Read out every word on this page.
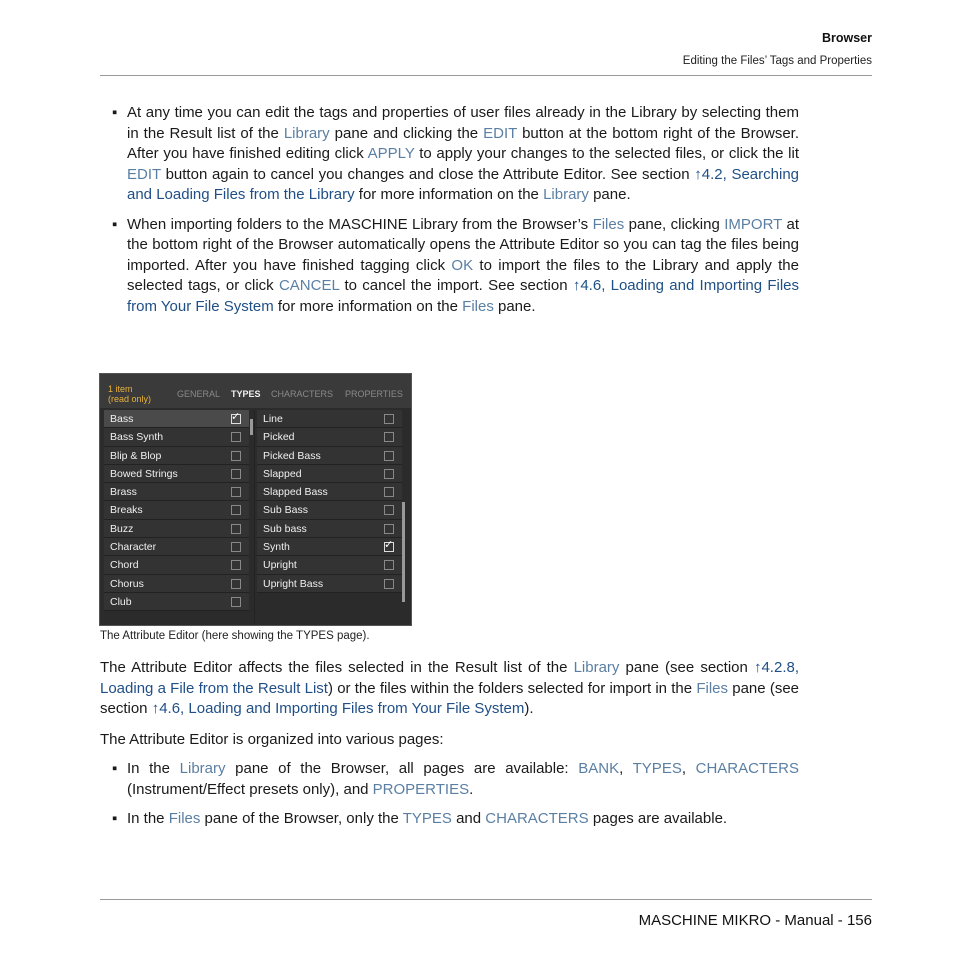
Browser
Editing the Files’ Tags and Properties
▪ At any time you can edit the tags and properties of user files already in the Library by selecting them in the Result list of the Library pane and clicking the EDIT button at the bottom right of the Browser. After you have finished editing click APPLY to apply your changes to the selected files, or click the lit EDIT button again to cancel you changes and close the Attribute Editor. See section ↑4.2, Searching and Loading Files from the Library for more information on the Library pane.
▪ When importing folders to the MASCHINE Library from the Browser’s Files pane, clicking IMPORT at the bottom right of the Browser automatically opens the Attribute Editor so you can tag the files being imported. After you have finished tagging click OK to import the files to the Library and apply the selected tags, or click CANCEL to cancel the import. See section ↑4.6, Loading and Importing Files from Your File System for more information on the Files pane.
1 item
(read only)	GENERAL TYPES CHARACTERS PROPERTIES
Bass
✓
Bass Synth
Blip & Blop
Bowed Strings
Brass
Breaks
Buzz
Character
Chord
Chorus
Club
Line
Picked
Picked Bass
Slapped
Slapped Bass
Sub Bass
Sub bass
Synth
✓
Upright
Upright Bass
The Attribute Editor (here showing the TYPES page).

The Attribute Editor affects the files selected in the Result list of the Library pane (see section ↑4.2.8, Loading a File from the Result List) or the files within the folders selected for import in the Files pane (see section ↑4.6, Loading and Importing Files from Your File System).

The Attribute Editor is organized into various pages:

▪ In the Library pane of the Browser, all pages are available: BANK, TYPES, CHARACTERS (Instrument/Effect presets only), and PROPERTIES.
▪ In the Files pane of the Browser, only the TYPES and CHARACTERS pages are available.
MASCHINE MIKRO - Manual - 156
